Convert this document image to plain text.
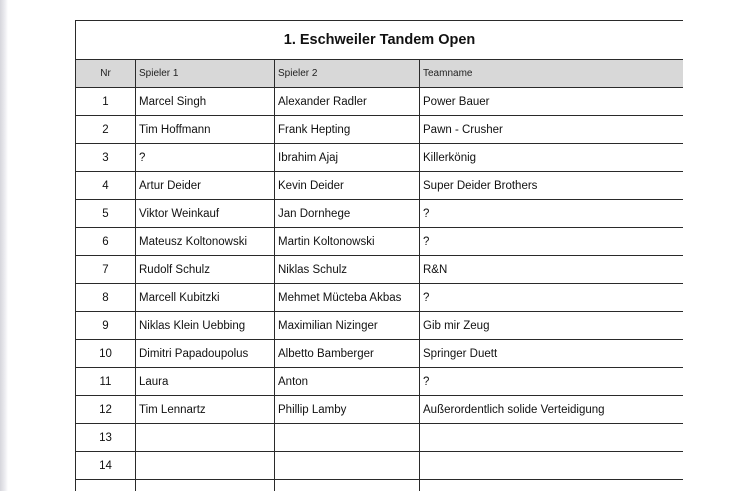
1. Eschweiler Tandem Open			
Nr	Spieler 1	Spieler 2	Teamname
1	Marcel Singh	Alexander Radler	Power Bauer
2	Tim Hoffmann	Frank Hepting	Pawn - Crusher
3	?	Ibrahim Ajaj	Killerkönig
4	Artur Deider	Kevin Deider	Super Deider Brothers
5	Viktor Weinkauf	Jan Dornhege	?
6	Mateusz Koltonowski	Martin Koltonowski	?
7	Rudolf Schulz	Niklas Schulz	R&N
8	Marcell Kubitzki	Mehmet Mücteba Akbas	?
9	Niklas Klein Uebbing	Maximilian Nizinger	Gib mir Zeug
10	Dimitri Papadoupolus	Albetto Bamberger	Springer Duett
11	Laura	Anton	?
12	Tim Lennartz	Phillip Lamby	Außerordentlich solide Verteidigung
13			
14			
